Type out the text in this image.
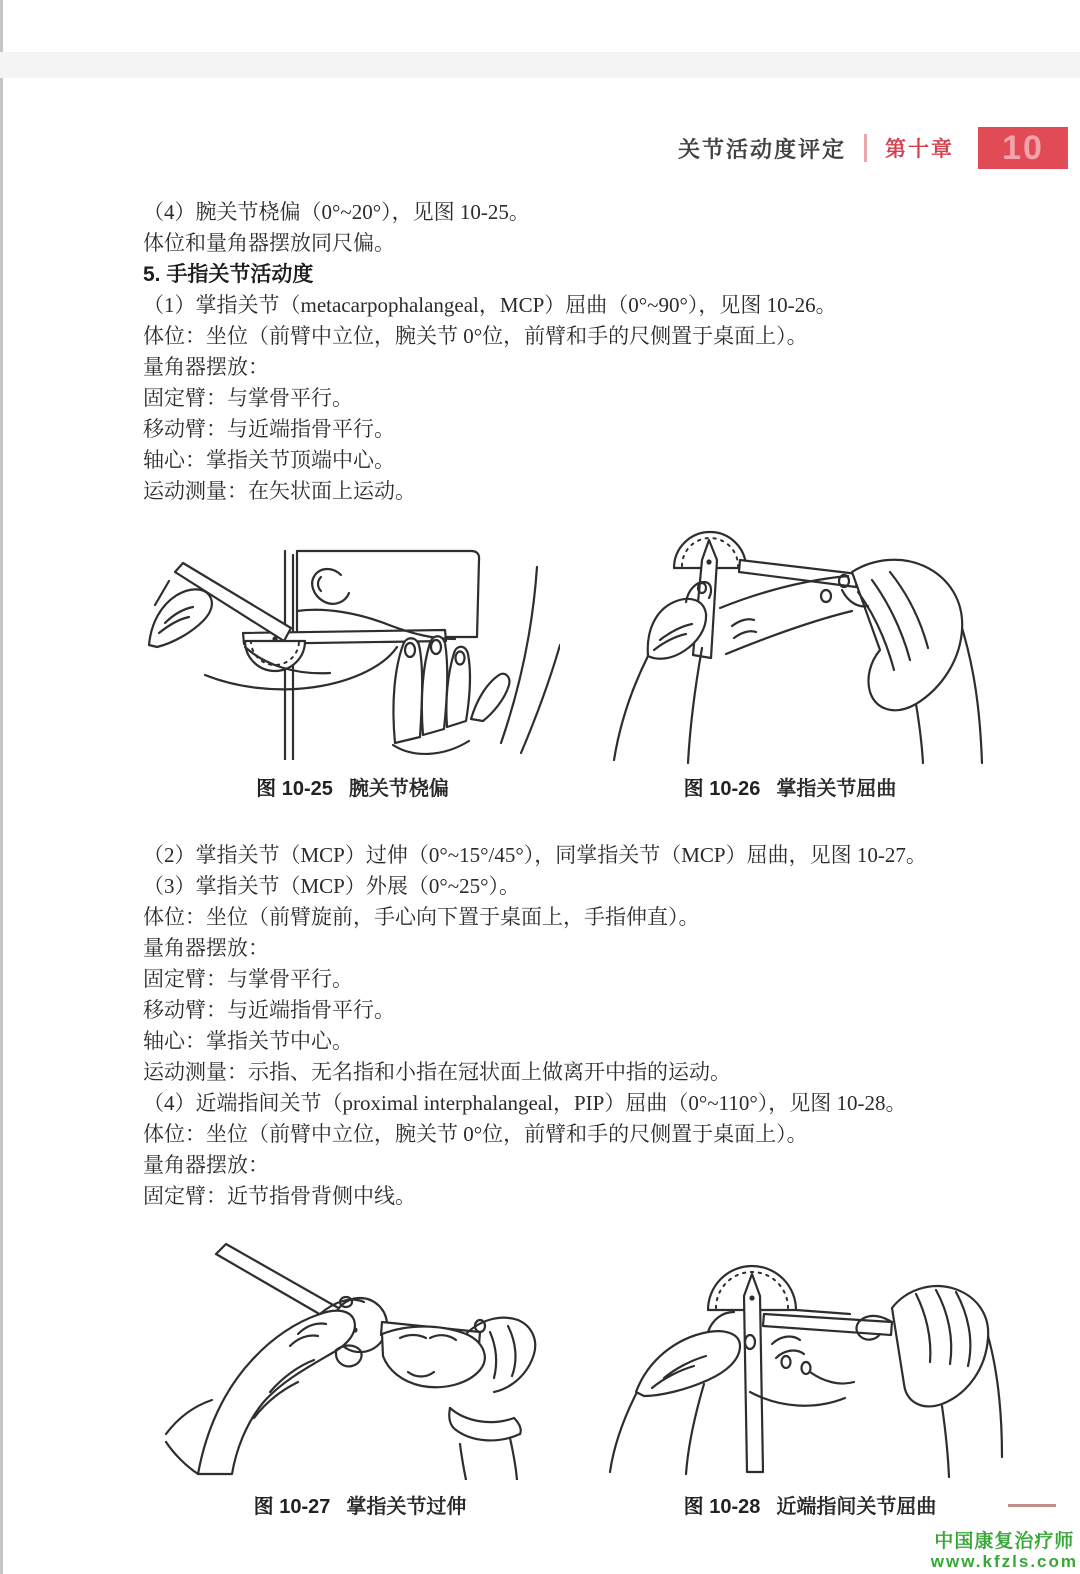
关节活动度评定 第十章 10

（4）腕关节桡偏（0°~20°），见图 10-25。

体位和量角器摆放同尺偏。

5. 手指关节活动度

（1）掌指关节（metacarpophalangeal，MCP）屈曲（0°~90°），见图 10-26。

体位：坐位（前臂中立位，腕关节 0°位，前臂和手的尺侧置于桌面上）。

量角器摆放：

固定臂：与掌骨平行。

移动臂：与近端指骨平行。

轴心：掌指关节顶端中心。

运动测量：在矢状面上运动。

图 10-25 腕关节桡偏	图 10-26 掌指关节屈曲

（2）掌指关节（MCP）过伸（0°~15°/45°），同掌指关节（MCP）屈曲，见图 10-27。

（3）掌指关节（MCP）外展（0°~25°）。

体位：坐位（前臂旋前，手心向下置于桌面上，手指伸直）。

量角器摆放：

固定臂：与掌骨平行。

移动臂：与近端指骨平行。

轴心：掌指关节中心。

运动测量：示指、无名指和小指在冠状面上做离开中指的运动。

（4）近端指间关节（proximal interphalangeal，PIP）屈曲（0°~110°），见图 10-28。

体位：坐位（前臂中立位，腕关节 0°位，前臂和手的尺侧置于桌面上）。

量角器摆放：

固定臂：近节指骨背侧中线。

图 10-27 掌指关节过伸	图 10-28 近端指间关节屈曲
中国康复治疗师
www.kfzls.com
